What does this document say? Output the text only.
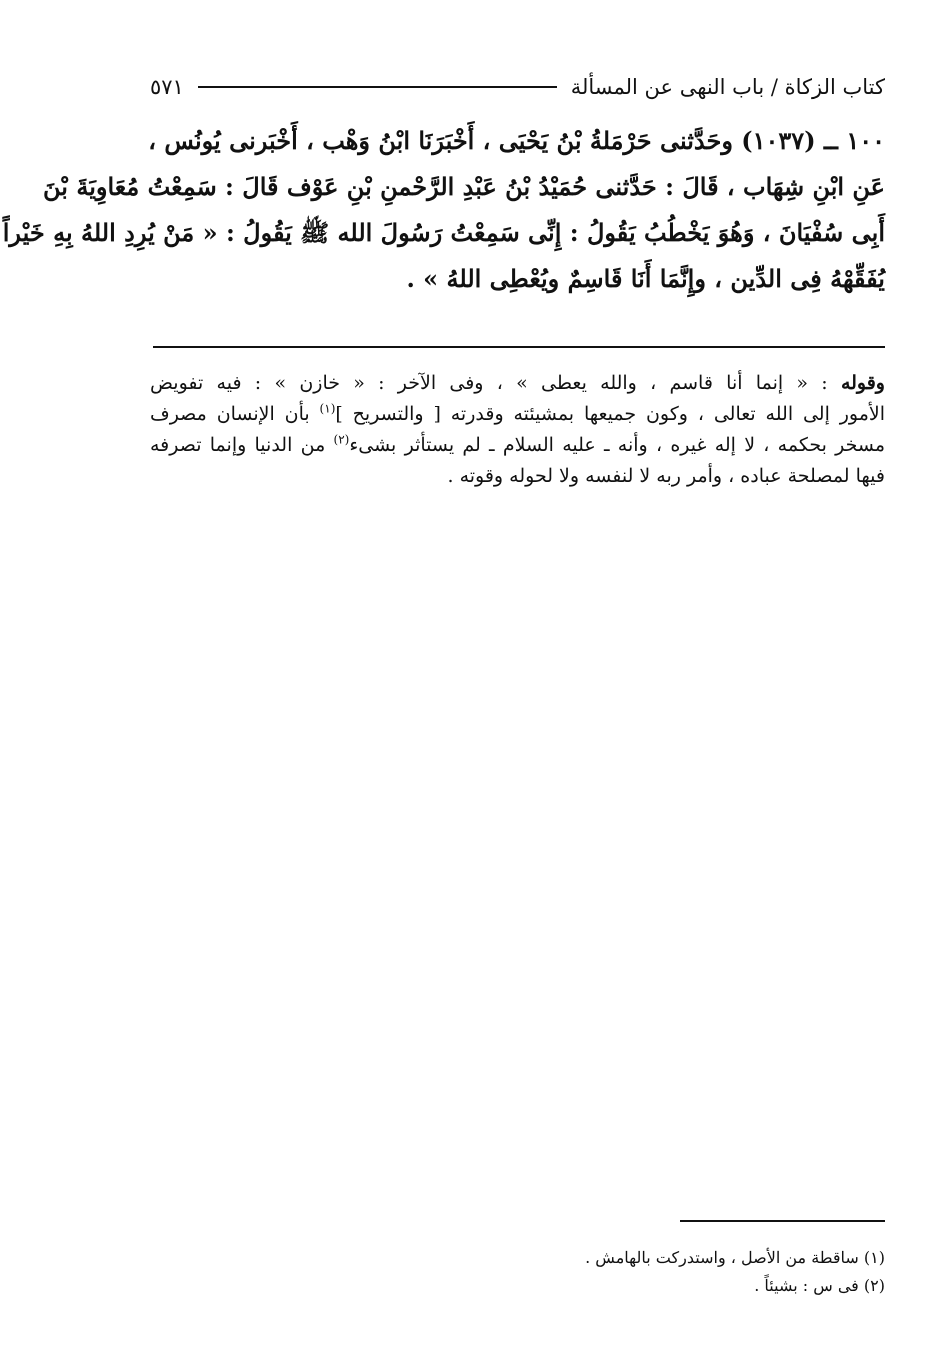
كتاب الزكاة / باب النهى عن المسألة
٥٧١
١٠٠ ــ (١٠٣٧) وحَدَّثنى حَرْمَلةُ بْنُ يَحْيَى ، أَخْبَرَنَا ابْنُ وَهْب ، أَخْبَرنى يُونُس ،
عَنِ ابْنِ شِهَاب ، قَالَ : حَدَّثنى حُمَيْدُ بْنُ عَبْدِ الرَّحْمنِ بْنِ عَوْف قَالَ : سَمِعْتُ مُعَاوِيَةَ بْنَ
أَبِى سُفْيَانَ ، وَهُوَ يَخْطُبُ يَقُولُ : إِنِّى سَمِعْتُ رَسُولَ الله ﷺ يَقُولُ : « مَنْ يُرِدِ اللهُ بِهِ خَيْراً
يُفَقِّهْهُ فِى الدِّين ، وإِنَّمَا أَنَا قَاسِمٌ ويُعْطِى اللهُ » .
وقوله : « إنما أنا قاسم ، والله يعطى » ، وفى الآخر : « خازن » : فيه تفويض
الأمور إلى الله تعالى ، وكون جميعها بمشيئته وقدرته [ والتسريح ]$^{(١)}$ بأن الإنسان مصرف
مسخر بحكمه ، لا إله غيره ، وأنه ـ عليه السلام ـ لم يستأثر بشىء$^{(٢)}$ من الدنيا وإنما تصرفه
فيها لمصلحة عباده ، وأمر ربه لا لنفسه ولا لحوله وقوته .
(١) ساقطة من الأصل ، واستدركت بالهامش .
(٢) فى س : بشيئاً .
